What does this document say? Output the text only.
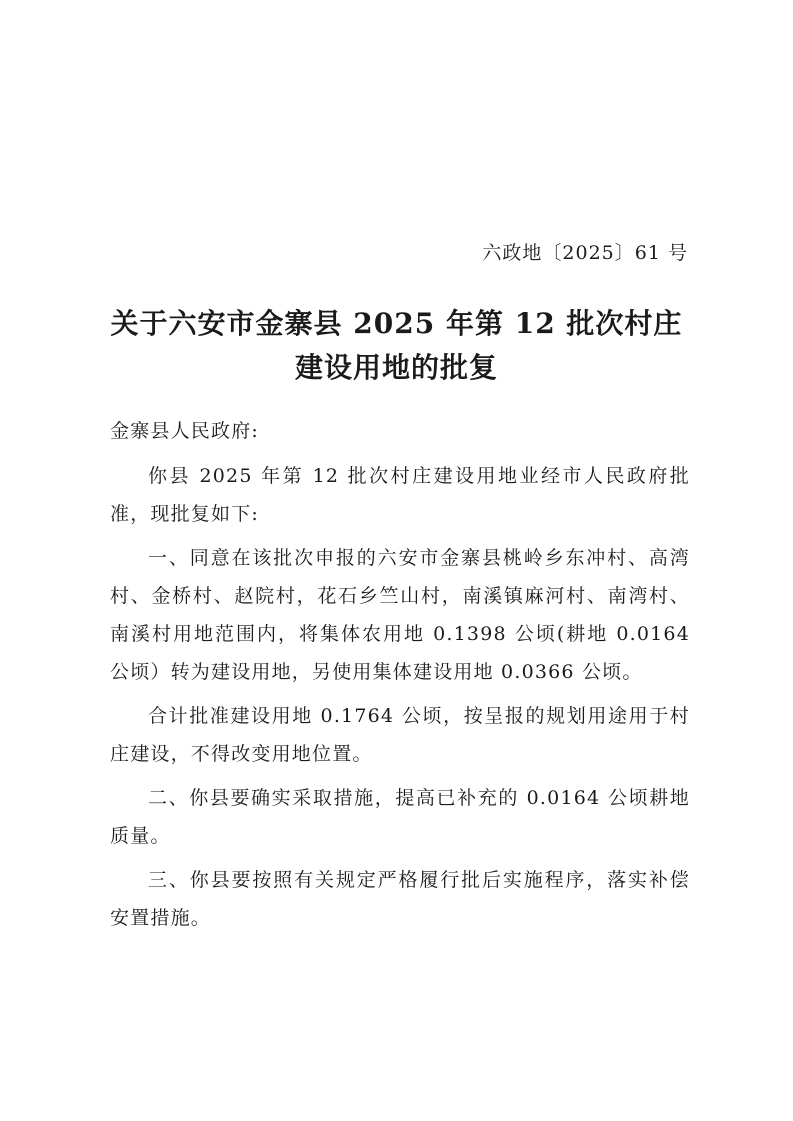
六政地〔2025〕61 号
关于六安市金寨县 2025 年第 12 批次村庄
建设用地的批复

金寨县人民政府:

你县 2025 年第 12 批次村庄建设用地业经市人民政府批准，现批复如下:

一、同意在该批次申报的六安市金寨县桃岭乡东冲村、高湾村、金桥村、赵院村，花石乡竺山村，南溪镇麻河村、南湾村、南溪村用地范围内，将集体农用地 0.1398 公顷(耕地 0.0164 公顷）转为建设用地，另使用集体建设用地 0.0366 公顷。

合计批准建设用地 0.1764 公顷，按呈报的规划用途用于村庄建设，不得改变用地位置。

二、你县要确实采取措施，提高已补充的 0.0164 公顷耕地质量。

三、你县要按照有关规定严格履行批后实施程序，落实补偿安置措施。
